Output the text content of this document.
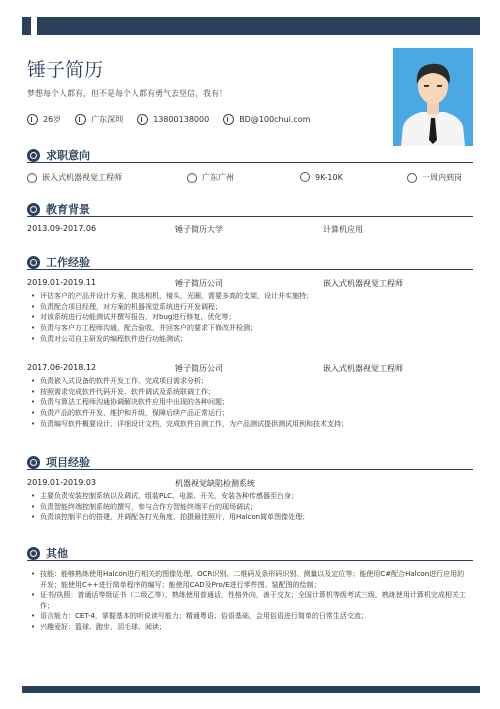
锤子简历
梦想每个人都有，但不是每个人都有勇气去坚信，我有！
26岁	广东深圳	13800138000	BD@100chui.com
求职意向
嵌入式机器视觉工程师	广东广州	9K-10K	一周内到岗
教育背景
2013.09-2017.06	锤子简历大学	计算机应用
工作经验
2019.01-2019.11	锤子简历公司	嵌入式机器视觉工程师
• 评估客户的产品并设计方案，挑选相机，镜头，光圈，需要多高的支架，设计并实施特；
• 负责配合项目经理，对方案的机器视觉系统进行开发调程；
• 对该系统进行功能测试并撰写报告，对bug进行修复，优化等；
• 负责与客户方工程师沟通，配合验收，并回客户的要求下修改并检测；
• 负责对公司自主研发的编程软件进行功能测试；
2017.06-2018.12	锤子简历公司	嵌入式机器视觉工程师
• 负责嵌入式设备的软件开发工作，完成项目需求分析；
• 按照需求完成软件代码开发、软件调试及系统联调工作；
• 负责与算法工程师沟通协调解决软件应用中出现的各种问题；
• 负责产品的软件开发、维护和升级，保障后续产品正常运行；
• 负责编写软件概要设计、详细设计文档，完成软件自测工作，为产品测试提供测试用例和技术支持；
项目经验
2019.01-2019.03	机器视觉缺陷检测系统
• 主要负责安装控制系统以及调试，组装PLC、电源、开关，安装各种传感器至台身；
• 负责智能终端控制系统的撰写，参与合作方智能终端平台的现场调试；
• 负责该控制平台的搭建，并调配各打光角度，拍摄最佳照片，用Halcon简单图像处理；
其他
• 技能：能够熟练使用Halcon进行相关的图像处理、OCR识别、二维码及条形码识别、测量以及定位等；能使用C#配合Halcon进行应用的开发；能使用C++进行简单程序的编写；能使用CAD及Pro/E进行零件图、装配图的绘制；
• 证书/执照：普通话等级证书（二级乙等），熟练使用普通话，性格外向，善于交友；全国计算机等级考试三级，熟练使用计算机完成相关工作；
• 语言能力：CET-4，掌握基本的听说读写能力；精通粤语；俗语基础，会用俗语进行简单的日常生活交流；
• 兴趣爱好：篮球、跑步、羽毛球、阅读；
